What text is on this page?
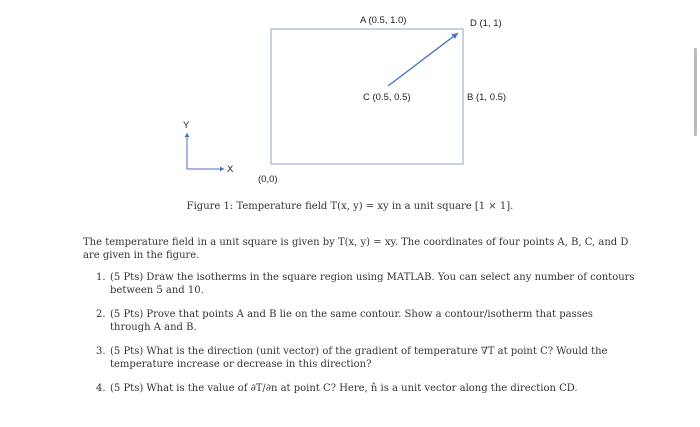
A (0.5, 1.0)	D (1, 1)
C (0.5, 0.5)	B (1, 0.5)
(0,0)
Y
X
Figure 1: Temperature field T(x, y) = xy in a unit square [1 × 1].
The temperature field in a unit square is given by T(x, y) = xy. The coordinates of four points A, B, C, and D are given in the figure.
1. (5 Pts) Draw the isotherms in the square region using MATLAB. You can select any number of contours between 5 and 10.
2. (5 Pts) Prove that points A and B lie on the same contour. Show a contour/isotherm that passes through A and B.
3. (5 Pts) What is the direction (unit vector) of the gradient of temperature ∇T at point C? Would the temperature increase or decrease in this direction?
4. (5 Pts) What is the value of ∂T/∂n at point C? Here, n̂ is a unit vector along the direction CD.
